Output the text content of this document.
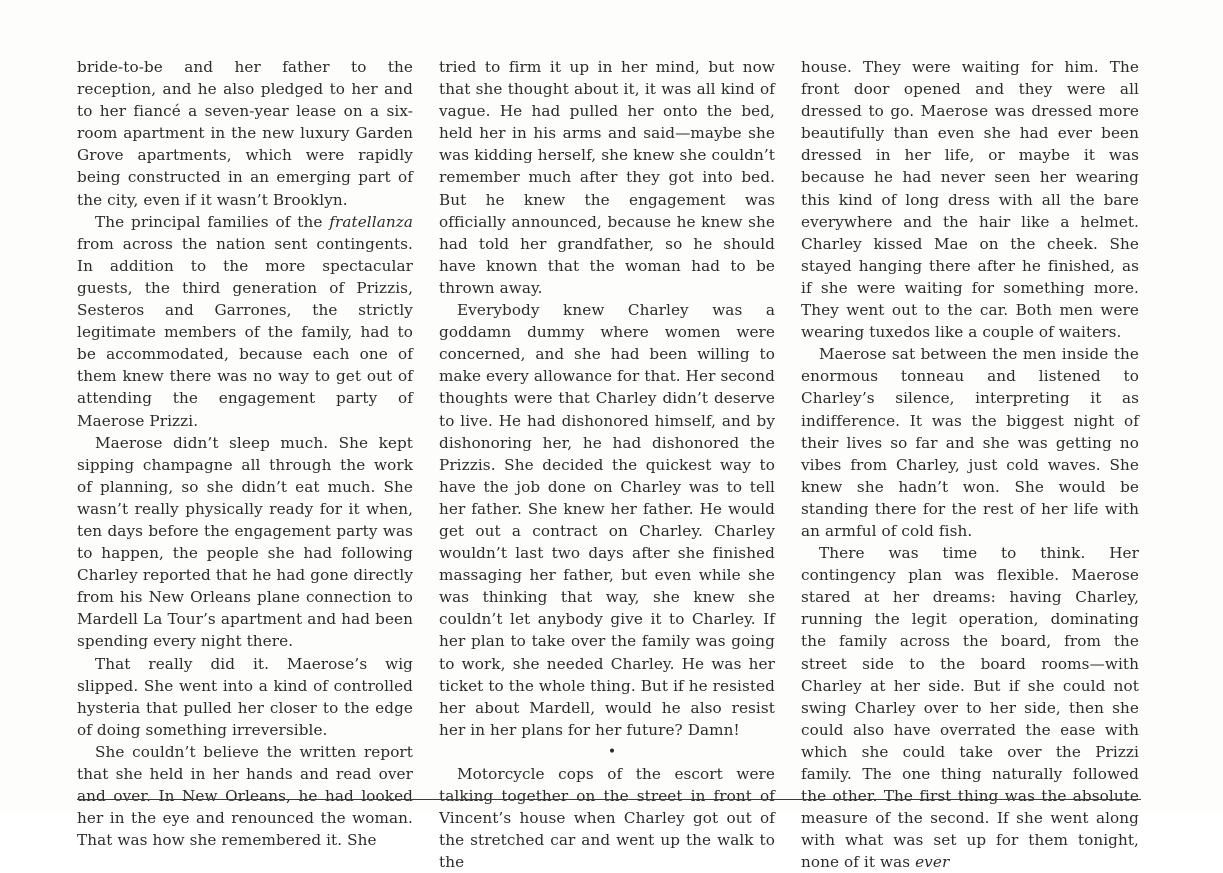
bride-to-be and her father to the reception, and he also pledged to her and to her fiancé a seven-year lease on a six-room apartment in the new luxury Garden Grove apartments, which were rapidly being constructed in an emerging part of the city, even if it wasn’t Brooklyn.

The principal families of the fratellanza from across the nation sent contingents. In addition to the more spectacular guests, the third generation of Prizzis, Sesteros and Garrones, the strictly legitimate members of the family, had to be accommodated, because each one of them knew there was no way to get out of attending the engagement party of Maerose Prizzi.

Maerose didn’t sleep much. She kept sipping champagne all through the work of planning, so she didn’t eat much. She wasn’t really physically ready for it when, ten days before the engagement party was to happen, the people she had following Charley reported that he had gone directly from his New Orleans plane connection to Mardell La Tour’s apartment and had been spending every night there.

That really did it. Maerose’s wig slipped. She went into a kind of controlled hysteria that pulled her closer to the edge of doing something irreversible.

She couldn’t believe the written report that she held in her hands and read over and over. In New Orleans, he had looked her in the eye and renounced the woman. That was how she remembered it. She

tried to firm it up in her mind, but now that she thought about it, it was all kind of vague. He had pulled her onto the bed, held her in his arms and said—maybe she was kidding herself, she knew she couldn’t remember much after they got into bed. But he knew the engagement was officially announced, because he knew she had told her grandfather, so he should have known that the woman had to be thrown away.

Everybody knew Charley was a goddamn dummy where women were concerned, and she had been willing to make every allowance for that. Her second thoughts were that Charley didn’t deserve to live. He had dishonored himself, and by dishonoring her, he had dishonored the Prizzis. She decided the quickest way to have the job done on Charley was to tell her father. She knew her father. He would get out a contract on Charley. Charley wouldn’t last two days after she finished massaging her father, but even while she was thinking that way, she knew she couldn’t let anybody give it to Charley. If her plan to take over the family was going to work, she needed Charley. He was her ticket to the whole thing. But if he resisted her about Mardell, would he also resist her in her plans for her future? Damn!

•

Motorcycle cops of the escort were talking together on the street in front of Vincent’s house when Charley got out of the stretched car and went up the walk to the

house. They were waiting for him. The front door opened and they were all dressed to go. Maerose was dressed more beautifully than even she had ever been dressed in her life, or maybe it was because he had never seen her wearing this kind of long dress with all the bare everywhere and the hair like a helmet. Charley kissed Mae on the cheek. She stayed hanging there after he finished, as if she were waiting for something more. They went out to the car. Both men were wearing tuxedos like a couple of waiters.

Maerose sat between the men inside the enormous tonneau and listened to Charley’s silence, interpreting it as indifference. It was the biggest night of their lives so far and she was getting no vibes from Charley, just cold waves. She knew she hadn’t won. She would be standing there for the rest of her life with an armful of cold fish.

There was time to think. Her contingency plan was flexible. Maerose stared at her dreams: having Charley, running the legit operation, dominating the family across the board, from the street side to the board rooms—with Charley at her side. But if she could not swing Charley over to her side, then she could also have overrated the ease with which she could take over the Prizzi family. The one thing naturally followed the other. The first thing was the absolute measure of the second. If she went along with what was set up for them tonight, none of it was ever
